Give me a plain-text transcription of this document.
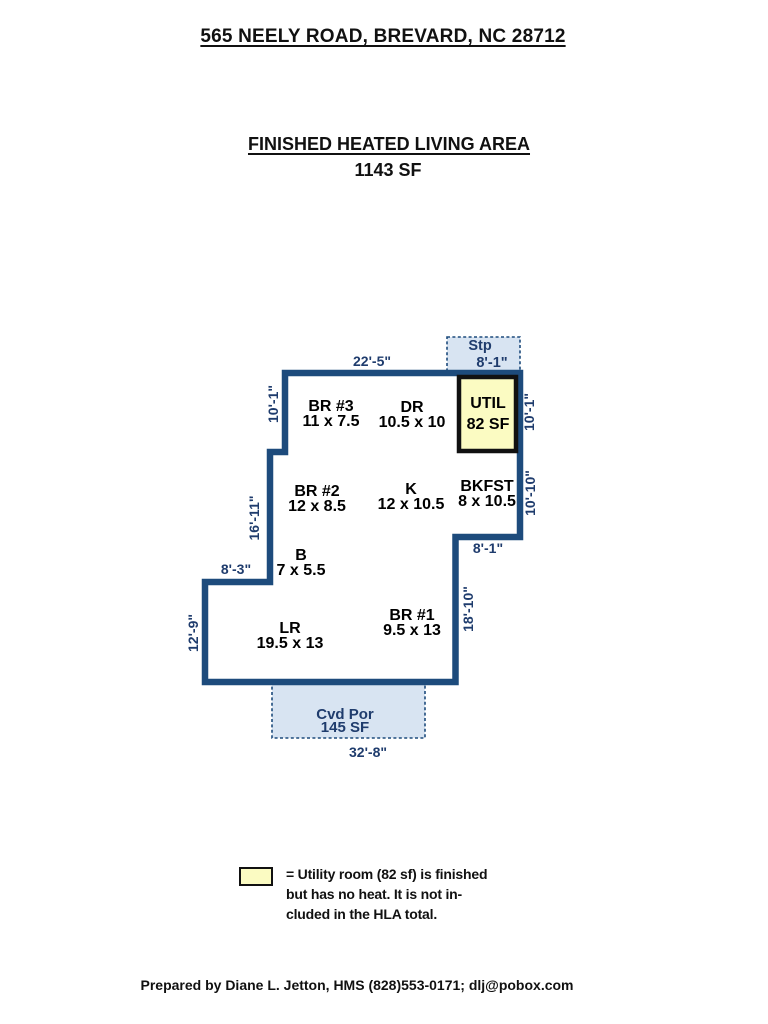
565 NEELY ROAD, BREVARD, NC 28712
FINISHED HEATED LIVING AREA
1143 SF
Stp
8'-1"
Cvd Por
145 SF
UTIL
82 SF
BR #3
11 x 7.5
DR
10.5 x 10
BR #2
12 x 8.5
K
12 x 10.5
BKFST
8 x 10.5
B
7 x 5.5
LR
19.5 x 13
BR #1
9.5 x 13
22'-5"
10'-1"	10'-1"
16'-11"
8'-3"
12'-9"
10'-10"
8'-1"
18'-10"
32'-8"
= Utility room (82 sf) is finished
but has no heat. It is not in-
cluded in the HLA total.
Prepared by Diane L. Jetton, HMS (828)553-0171; dlj@pobox.com
